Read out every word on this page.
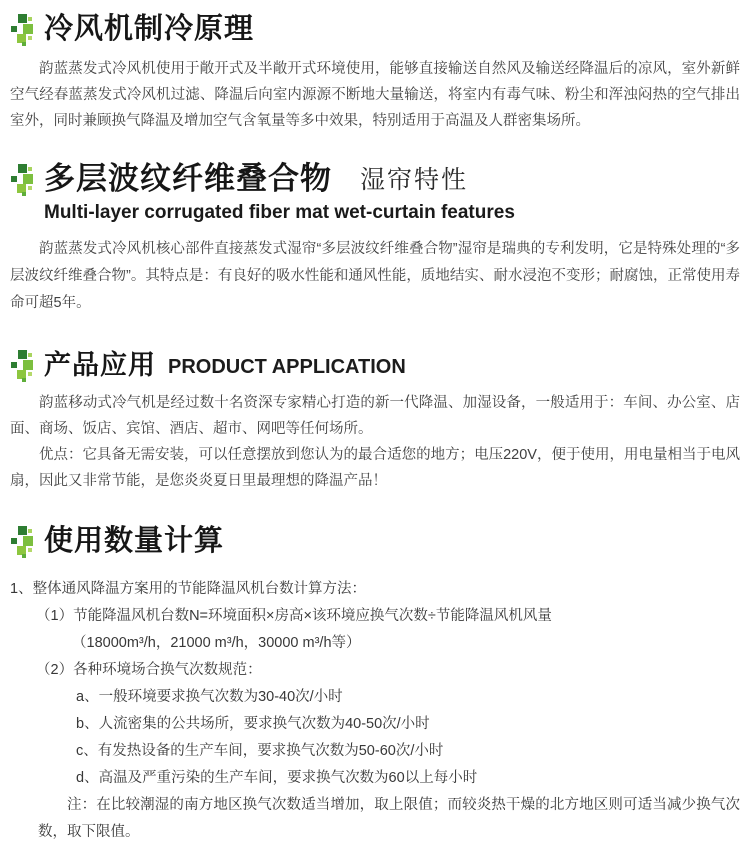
冷风机制冷原理

韵蓝蒸发式冷风机使用于敞开式及半敞开式环境使用，能够直接输送自然风及输送经降温后的凉风，室外新鲜空气经春蓝蒸发式冷风机过滤、降温后向室内源源不断地大量输送，将室内有毒气味、粉尘和浑浊闷热的空气排出室外，同时兼顾换气降温及增加空气含氧量等多中效果，特别适用于高温及人群密集场所。

多层波纹纤维叠合物 湿帘特性
Multi-layer corrugated fiber mat wet-curtain features

韵蓝蒸发式冷风机核心部件直接蒸发式湿帘“多层波纹纤维叠合物”湿帘是瑞典的专利发明，它是特殊处理的“多层波纹纤维叠合物”。其特点是：有良好的吸水性能和通风性能，质地结实、耐水浸泡不变形；耐腐蚀，正常使用寿命可超5年。

产品应用 PRODUCT APPLICATION

韵蓝移动式冷气机是经过数十名资深专家精心打造的新一代降温、加湿设备，一般适用于：车间、办公室、店面、商场、饭店、宾馆、酒店、超市、网吧等任何场所。

优点：它具备无需安装，可以任意摆放到您认为的最合适您的地方；电压220V，便于使用，用电量相当于电风扇，因此又非常节能，是您炎炎夏日里最理想的降温产品！

使用数量计算

1、整体通风降温方案用的节能降温风机台数计算方法：

（1）节能降温风机台数N=环境面积×房高×该环境应换气次数÷节能降温风机风量

（18000m³/h，21000 m³/h，30000 m³/h等）

（2）各种环境场合换气次数规范：

a、一般环境要求换气次数为30-40次/小时

b、人流密集的公共场所，要求换气次数为40-50次/小时

c、有发热设备的生产车间，要求换气次数为50-60次/小时

d、高温及严重污染的生产车间，要求换气次数为60以上每小时

注：在比较潮湿的南方地区换气次数适当增加，取上限值；而较炎热干燥的北方地区则可适当减少换气次数，取下限值。
